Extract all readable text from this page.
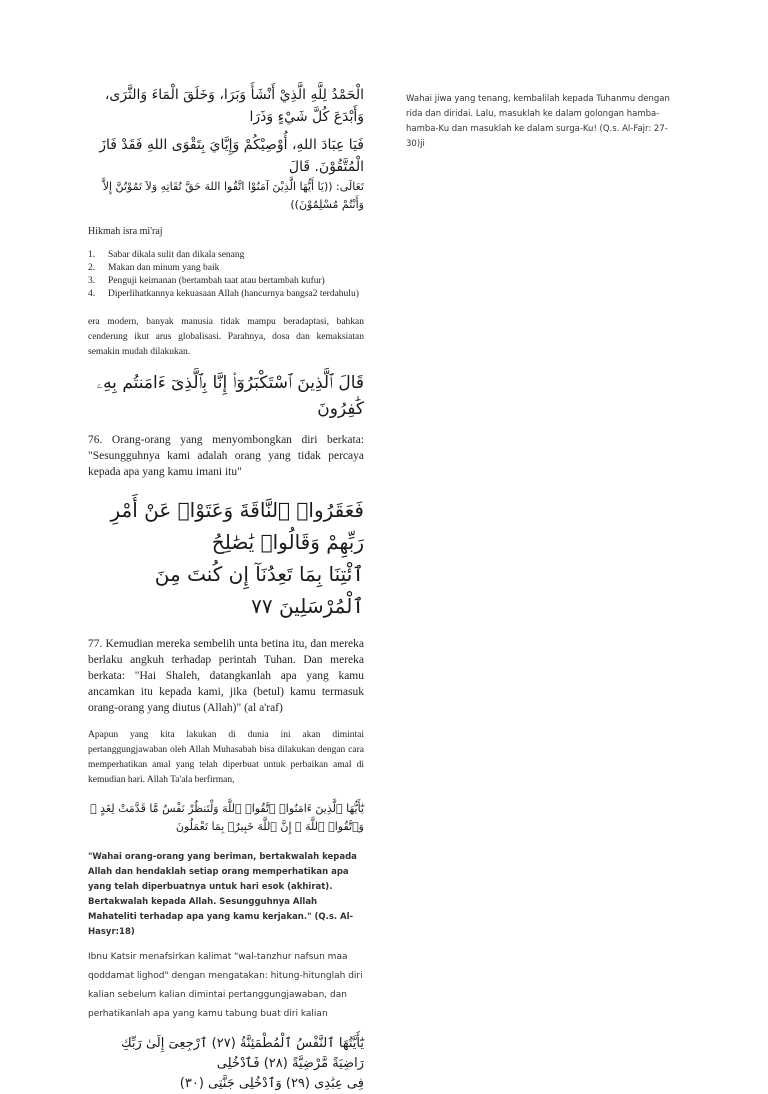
الْحَمْدُ لِلَّهِ الَّذِيْ أَنْشَأَ وَبَرَا، وَخَلَقَ الْمَاءَ وَالثَّرَى، وَأَبْدَعَ كُلَّ شَيْءٍ وَذَرَا
فَيَا عِبَادَ اللهِ، أُوْصِيْكُمْ وَإِيَّايَ بِتَقْوَى اللهِ فَقَدْ فَازَ الْمُتَّقُوْنَ. قَالَ
تَعَالَى: ((يَا أَيُّهَا الَّذِيْنَ آمَنُوْا اتَّقُوا اللهَ حَقَّ تُقَاتِهِ وَلاَ تَمُوْتُنَّ إِلاَّ وَأَنْتُمْ مُسْلِمُوْنَ))
Hikmah isra mi'raj
1. Sabar dikala sulit dan dikala senang
2. Makan dan minum yang baik
3. Penguji keimanan (bertambah taat atau bertambah kufur)
4. Diperlihatkannya kekuasaan Allah (hancurnya bangsa2 terdahulu)
era modern, banyak manusia tidak mampu beradaptasi, bahkan cenderung ikut arus globalisasi. Parahnya, dosa dan kemaksiatan semakin mudah dilakukan.
قَالَ ٱلَّذِينَ ٱسْتَكْبَرُوٓا۟ إِنَّا بِٱلَّذِىٓ ءَامَنتُم بِهِۦ كَٰفِرُونَ
76. Orang-orang yang menyombongkan diri berkata: "Sesungguhnya kami adalah orang yang tidak percaya kepada apa yang kamu imani itu"
فَعَقَرُوا۟ ٱلنَّاقَةَ وَعَتَوْا۟ عَنْ أَمْرِ رَبِّهِمْ وَقَالُوا۟ يَٰصَٰلِحُ
ٱئْتِنَا بِمَا تَعِدُنَآ إِن كُنتَ مِنَ ٱلْمُرْسَلِينَ ٧٧
77. Kemudian mereka sembelih unta betina itu, dan mereka berlaku angkuh terhadap perintah Tuhan. Dan mereka berkata: "Hai Shaleh, datangkanlah apa yang kamu ancamkan itu kepada kami, jika (betul) kamu termasuk orang-orang yang diutus (Allah)" (al a'raf)
Apapun yang kita lakukan di dunia ini akan dimintai pertanggungjawaban oleh Allah Muhasabah bisa dilakukan dengan cara memperhatikan amal yang telah diperbuat untuk perbaikan amal di kemudian hari. Allah Ta'ala berfirman,
يَٰٓأَيُّهَا ٱلَّذِينَ ءَامَنُوا۟ ٱتَّقُوا۟ ٱللَّهَ وَلْتَنظُرْ نَفْسٌ مَّا قَدَّمَتْ لِغَدٍ ۖ وَٱتَّقُوا۟ ٱللَّهَ ۚ إِنَّ ٱللَّهَ خَبِيرٌۢ بِمَا تَعْمَلُونَ
"Wahai orang-orang yang beriman, bertakwalah kepada Allah dan hendaklah setiap orang memperhatikan apa yang telah diperbuatnya untuk hari esok (akhirat). Bertakwalah kepada Allah. Sesungguhnya Allah Mahateliti terhadap apa yang kamu kerjakan." (Q.s. Al-Hasyr:18)
Ibnu Katsir menafsirkan kalimat "wal-tanzhur nafsun maa qoddamat lighod" dengan mengatakan: hitung-hitunglah diri kalian sebelum kalian dimintai pertanggungjawaban, dan perhatikanlah apa yang kamu tabung buat diri kalian
يَٰٓأَيَّتُهَا ٱلنَّفْسُ ٱلْمُطْمَئِنَّةُ (٢٧) ٱرْجِعِىٓ إِلَىٰ رَبِّكِ رَاضِيَةً مَّرْضِيَّةً (٢٨) فَٱدْخُلِى
فِى عِبَٰدِى (٢٩) وَٱدْخُلِى جَنَّتِى (٣٠)
Wahai jiwa yang tenang, kembalilah kepada Tuhanmu dengan rida dan diridai. Lalu, masuklah ke dalam golongan hamba-hamba-Ku dan masuklah ke dalam surga-Ku! (Q.s. Al-Fajr: 27-30)ji
